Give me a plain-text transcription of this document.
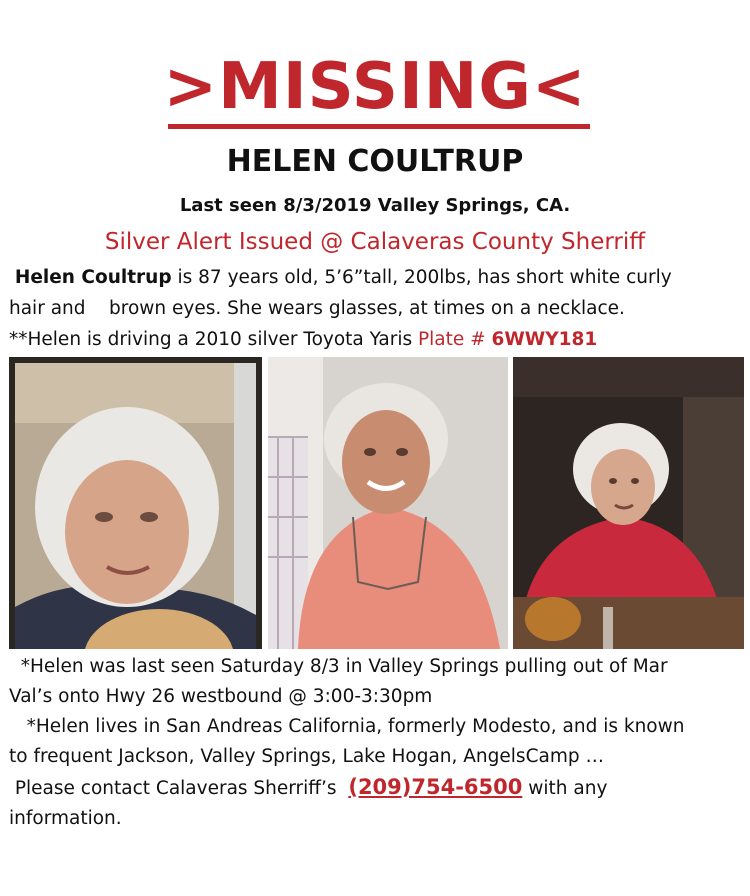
>MISSING<
HELEN COULTRUP
Last seen 8/3/2019 Valley Springs, CA.
Silver Alert Issued @ Calaveras County Sherriff
Helen Coultrup is 87 years old, 5’6”tall, 200lbs, has short white curly
hair and    brown eyes. She wears glasses, at times on a necklace.
**Helen is driving a 2010 silver Toyota Yaris Plate # 6WWY181
*Helen was last seen Saturday 8/3 in Valley Springs pulling out of Mar
Val’s onto Hwy 26 westbound @ 3:00-3:30pm
*Helen lives in San Andreas California, formerly Modesto, and is known
to frequent Jackson, Valley Springs, Lake Hogan, AngelsCamp …
Please contact Calaveras Sherriff’s  (209)754-6500 with any
information.
